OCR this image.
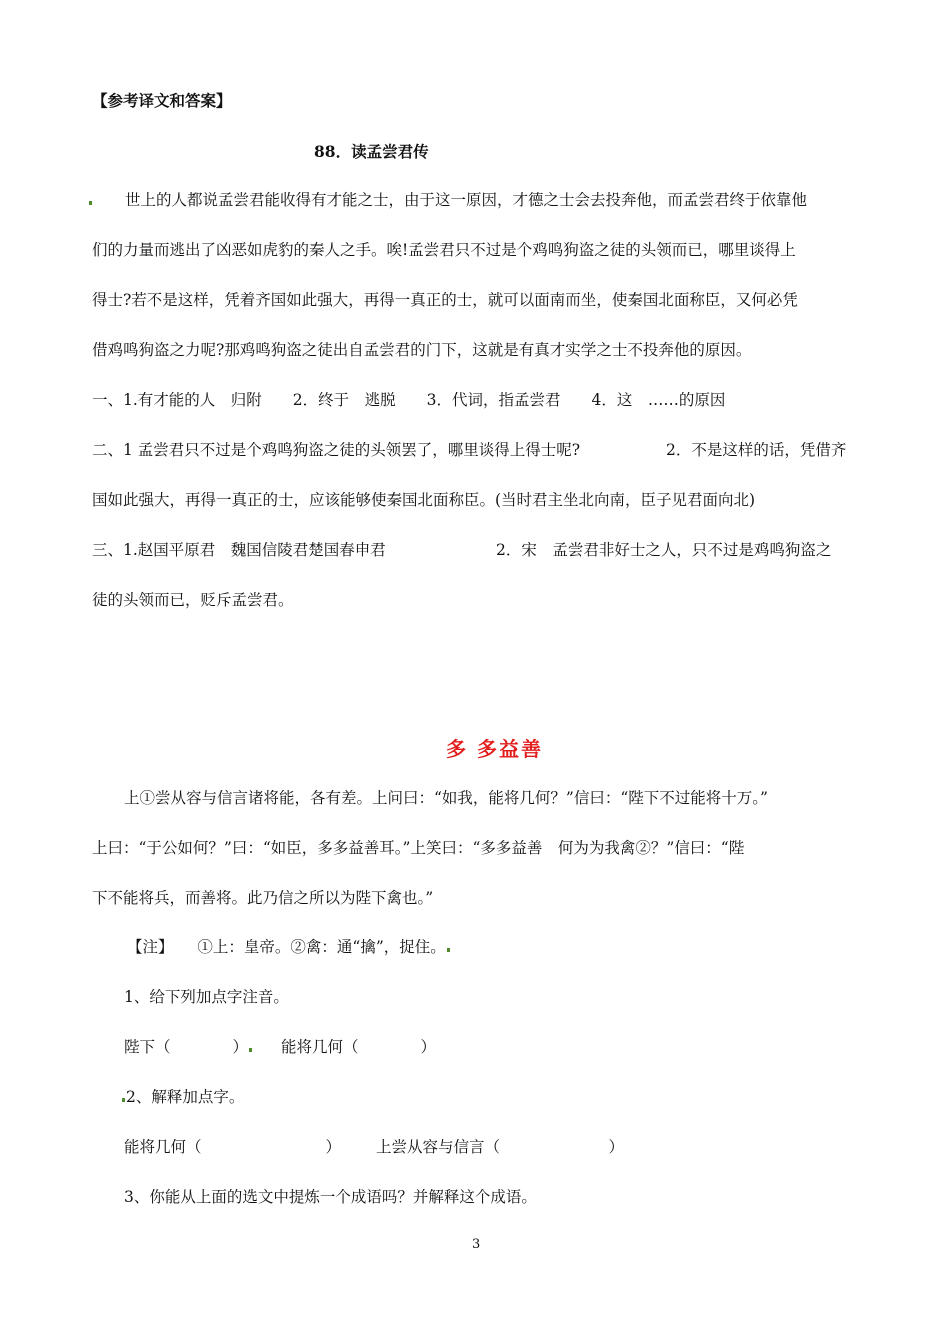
【参考译文和答案】
88．读孟尝君传
世上的人都说孟尝君能收得有才能之士，由于这一原因，才德之士会去投奔他，而孟尝君终于依靠他
们的力量而逃出了凶恶如虎豹的秦人之手。唉!孟尝君只不过是个鸡鸣狗盗之徒的头领而已，哪里谈得上
得士?若不是这样，凭着齐国如此强大，再得一真正的士，就可以面南而坐，使秦国北面称臣，又何必凭
借鸡鸣狗盗之力呢?那鸡鸣狗盗之徒出自孟尝君的门下，这就是有真才实学之士不投奔他的原因。
一、1.有才能的人　归附　　2．终于　逃脱　　3．代词，指孟尝君　　4．这　……的原因
二、1 孟尝君只不过是个鸡鸣狗盗之徒的头领罢了，哪里谈得上得士呢?	2．不是这样的话，凭借齐
国如此强大，再得一真正的士，应该能够使秦国北面称臣。(当时君主坐北向南，臣子见君面向北)
三、1.赵国平原君　魏国信陵君楚国春申君	2．宋　孟尝君非好士之人，只不过是鸡鸣狗盗之
徒的头领而已，贬斥孟尝君。
多 多益善
上①尝从容与信言诸将能，各有差。上问曰：“如我，能将几何？”信曰：“陛下不过能将十万。”
上曰：“于公如何？”曰：“如臣，多多益善耳。”上笑曰：“多多益善　何为为我禽②？”信曰：“陛
下不能将兵，而善将。此乃信之所以为陛下禽也。”
【注】 ①上：皇帝。②禽：通“擒”，捉住。
1、给下列加点字注音。
陛下（　　　　）	能将几何（　　　　）
2、解释加点字。
能将几何（　　　　　　　　） 上尝从容与信言（　　　　　　　）
3、你能从上面的选文中提炼一个成语吗？并解释这个成语。
3
